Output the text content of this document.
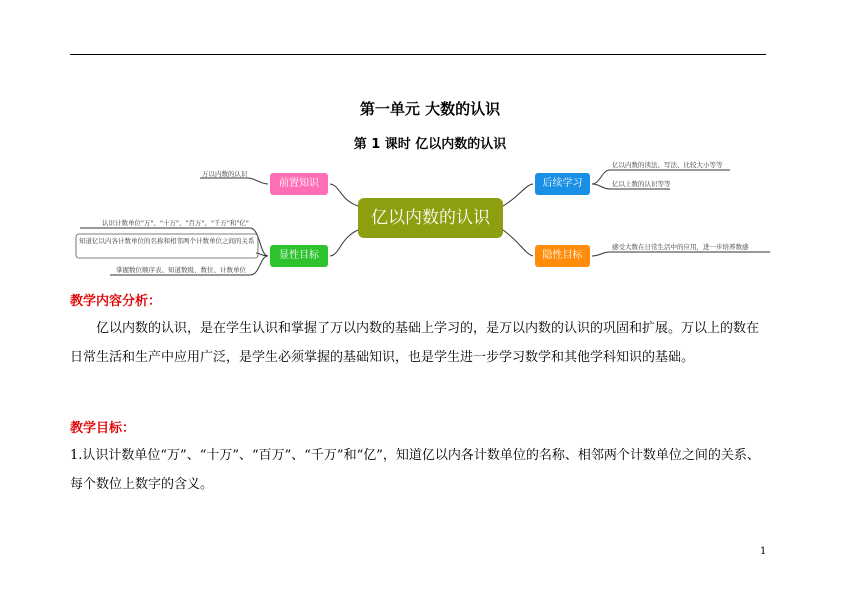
第一单元 大数的认识
第 1 课时 亿以内数的认识
亿以内数的认识
前置知识
显性目标
后续学习
隐性目标
万以内数的认识
认识计数单位"万"、"十万"、"百万"、"千万"和"亿"
知道亿以内各计数单位的名称和相邻两个计数单位之间的关系
掌握数位顺序表、知道数级、数位、计数单位
亿以内数的读法、写法、比较大小等等
亿以上数的认识等等
感受大数在日常生活中的应用，进一步培养数感
教学内容分析：
亿以内数的认识，是在学生认识和掌握了万以内数的基础上学习的，是万以内数的认识的巩固和扩展。万以上的数在日常生活和生产中应用广泛，是学生必须掌握的基础知识，也是学生进一步学习数学和其他学科知识的基础。
教学目标：
1.认识计数单位“万”、“十万”、“百万”、“千万”和“亿”，知道亿以内各计数单位的名称、相邻两个计数单位之间的关系、每个数位上数字的含义。
1
